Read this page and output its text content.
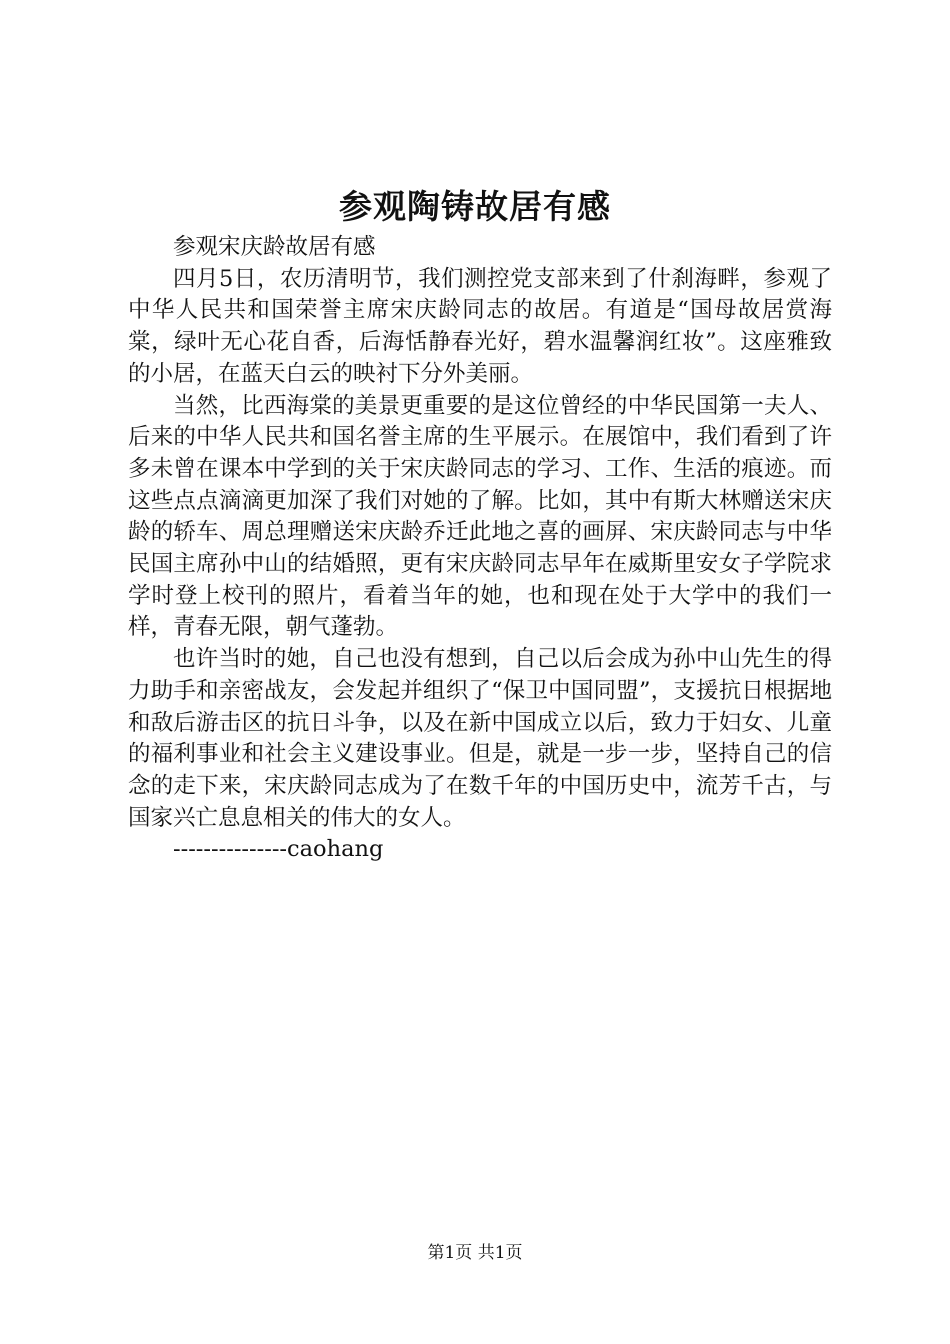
参观陶铸故居有感

参观宋庆龄故居有感

四月5日，农历清明节，我们测控党支部来到了什刹海畔，参观了中华人民共和国荣誉主席宋庆龄同志的故居。有道是“国母故居赏海棠，绿叶无心花自香，后海恬静春光好，碧水温馨润红妆”。这座雅致的小居，在蓝天白云的映衬下分外美丽。

当然，比西海棠的美景更重要的是这位曾经的中华民国第一夫人、后来的中华人民共和国名誉主席的生平展示。在展馆中，我们看到了许多未曾在课本中学到的关于宋庆龄同志的学习、工作、生活的痕迹。而这些点点滴滴更加深了我们对她的了解。比如，其中有斯大林赠送宋庆龄的轿车、周总理赠送宋庆龄乔迁此地之喜的画屏、宋庆龄同志与中华民国主席孙中山的结婚照，更有宋庆龄同志早年在威斯里安女子学院求学时登上校刊的照片，看着当年的她，也和现在处于大学中的我们一样，青春无限，朝气蓬勃。

也许当时的她，自己也没有想到，自己以后会成为孙中山先生的得力助手和亲密战友，会发起并组织了“保卫中国同盟”，支援抗日根据地和敌后游击区的抗日斗争，以及在新中国成立以后，致力于妇女、儿童的福利事业和社会主义建设事业。但是，就是一步一步，坚持自己的信念的走下来，宋庆龄同志成为了在数千年的中国历史中，流芳千古，与国家兴亡息息相关的伟大的女人。

---------------caohang

第1页 共1页
